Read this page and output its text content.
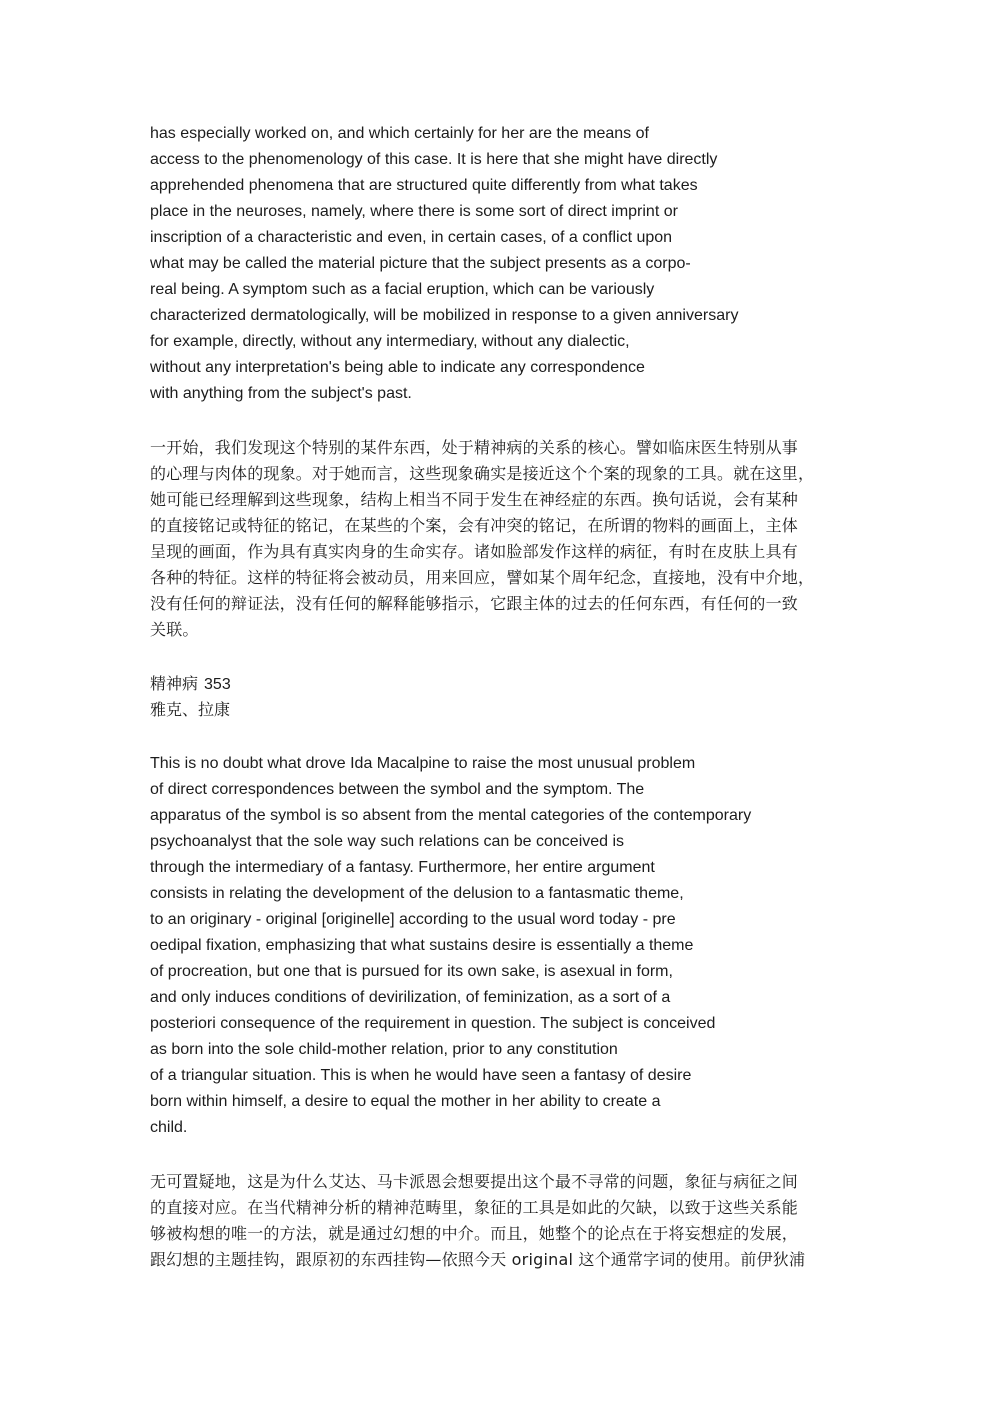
has especially worked on, and which certainly for her are the means of
access to the phenomenology of this case. It is here that she might have directly
apprehended phenomena that are structured quite differently from what takes
place in the neuroses, namely, where there is some sort of direct imprint or
inscription of a characteristic and even, in certain cases, of a conflict upon
what may be called the material picture that the subject presents as a corpo-
real being. A symptom such as a facial eruption, which can be variously
characterized dermatologically, will be mobilized in response to a given anniversary
for example, directly, without any intermediary, without any dialectic,
without any interpretation's being able to indicate any correspondence
with anything from the subject's past.
一开始，我们发现这个特别的某件东西，处于精神病的关系的核心。譬如临床医生特别从事
的心理与肉体的现象。对于她而言，这些现象确实是接近这个个案的现象的工具。就在这里，
她可能已经理解到这些现象，结构上相当不同于发生在神经症的东西。换句话说，会有某种
的直接铭记或特征的铭记，在某些的个案，会有冲突的铭记，在所谓的物料的画面上，主体
呈现的画面，作为具有真实肉身的生命实存。诸如脸部发作这样的病征，有时在皮肤上具有
各种的特征。这样的特征将会被动员，用来回应，譬如某个周年纪念，直接地，没有中介地，
没有任何的辩证法，没有任何的解释能够指示，它跟主体的过去的任何东西，有任何的一致
关联。
精神病 353
雅克、拉康
This is no doubt what drove Ida Macalpine to raise the most unusual problem
of direct correspondences between the symbol and the symptom. The
apparatus of the symbol is so absent from the mental categories of the contemporary
psychoanalyst that the sole way such relations can be conceived is
through the intermediary of a fantasy. Furthermore, her entire argument
consists in relating the development of the delusion to a fantasmatic theme,
to an originary - original [originelle] according to the usual word today - pre
oedipal fixation, emphasizing that what sustains desire is essentially a theme
of procreation, but one that is pursued for its own sake, is asexual in form,
and only induces conditions of devirilization, of feminization, as a sort of a
posteriori consequence of the requirement in question. The subject is conceived
as born into the sole child-mother relation, prior to any constitution
of a triangular situation. This is when he would have seen a fantasy of desire
born within himself, a desire to equal the mother in her ability to create a
child.
无可置疑地，这是为什么艾达、马卡派恩会想要提出这个最不寻常的问题，象征与病征之间
的直接对应。在当代精神分析的精神范畴里，象征的工具是如此的欠缺，以致于这些关系能
够被构想的唯一的方法，就是通过幻想的中介。而且，她整个的论点在于将妄想症的发展，
跟幻想的主题挂钩，跟原初的东西挂钩—依照今天 original 这个通常字词的使用。前伊狄浦
